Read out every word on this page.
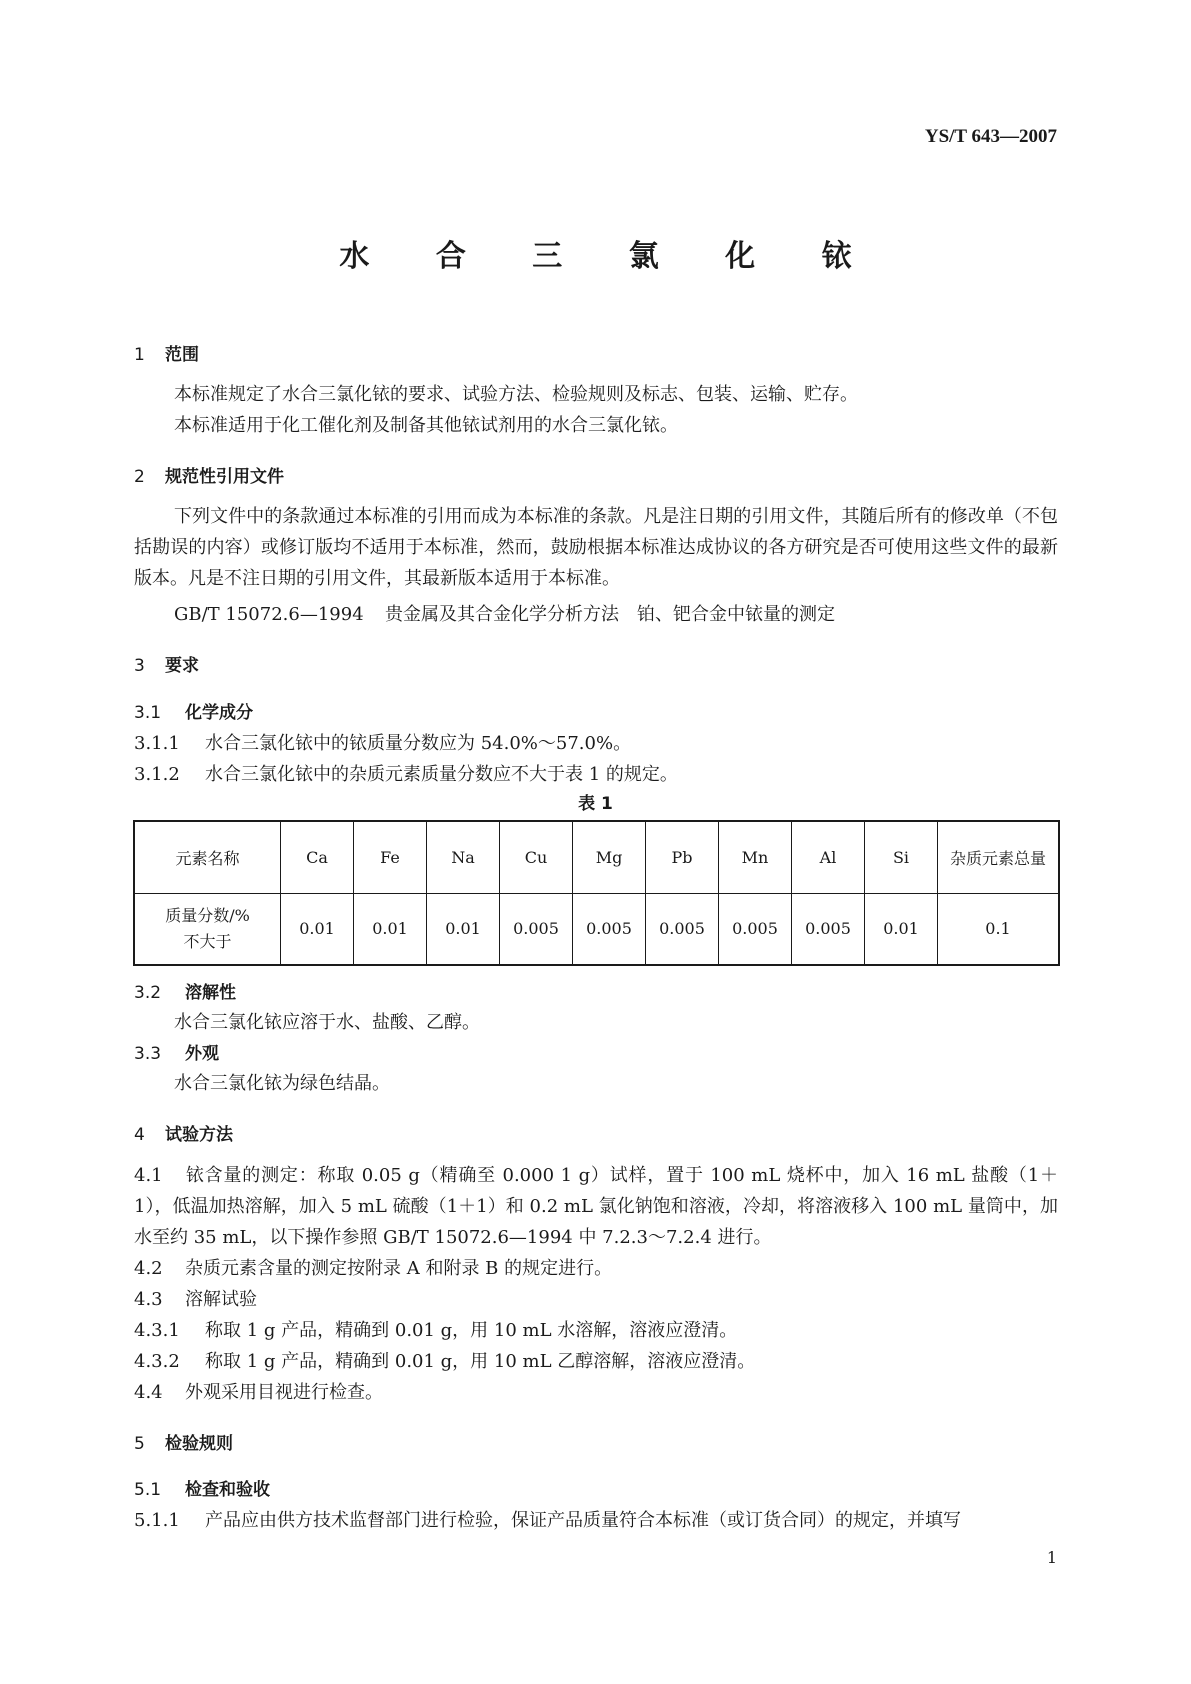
YS/T 643—2007
水 合 三 氯 化 铱
1 范围
本标准规定了水合三氯化铱的要求、试验方法、检验规则及标志、包装、运输、贮存。
本标准适用于化工催化剂及制备其他铱试剂用的水合三氯化铱。
2 规范性引用文件
下列文件中的条款通过本标准的引用而成为本标准的条款。凡是注日期的引用文件，其随后所有的修改单（不包括勘误的内容）或修订版均不适用于本标准，然而，鼓励根据本标准达成协议的各方研究是否可使用这些文件的最新版本。凡是不注日期的引用文件，其最新版本适用于本标准。
GB/T 15072.6—1994 贵金属及其合金化学分析方法　铂、钯合金中铱量的测定
3 要求
3.1 化学成分
3.1.1 水合三氯化铱中的铱质量分数应为 54.0%～57.0%。
3.1.2 水合三氯化铱中的杂质元素质量分数应不大于表 1 的规定。
表 1
元素名称	Ca	Fe	Na	Cu	Mg	Pb	Mn	Al	Si	杂质元素总量

质量分数/%
不大于	0.01	0.01	0.01	0.005	0.005	0.005	0.005	0.005	0.01	0.1
3.2 溶解性
水合三氯化铱应溶于水、盐酸、乙醇。
3.3 外观
水合三氯化铱为绿色结晶。
4 试验方法
4.1 铱含量的测定：称取 0.05 g（精确至 0.000 1 g）试样，置于 100 mL 烧杯中，加入 16 mL 盐酸（1＋1），低温加热溶解，加入 5 mL 硫酸（1＋1）和 0.2 mL 氯化钠饱和溶液，冷却，将溶液移入 100 mL 量筒中，加水至约 35 mL，以下操作参照 GB/T 15072.6—1994 中 7.2.3～7.2.4 进行。
4.2 杂质元素含量的测定按附录 A 和附录 B 的规定进行。
4.3 溶解试验
4.3.1 称取 1 g 产品，精确到 0.01 g，用 10 mL 水溶解，溶液应澄清。
4.3.2 称取 1 g 产品，精确到 0.01 g，用 10 mL 乙醇溶解，溶液应澄清。
4.4 外观采用目视进行检查。
5 检验规则
5.1 检查和验收
5.1.1 产品应由供方技术监督部门进行检验，保证产品质量符合本标准（或订货合同）的规定，并填写
1
